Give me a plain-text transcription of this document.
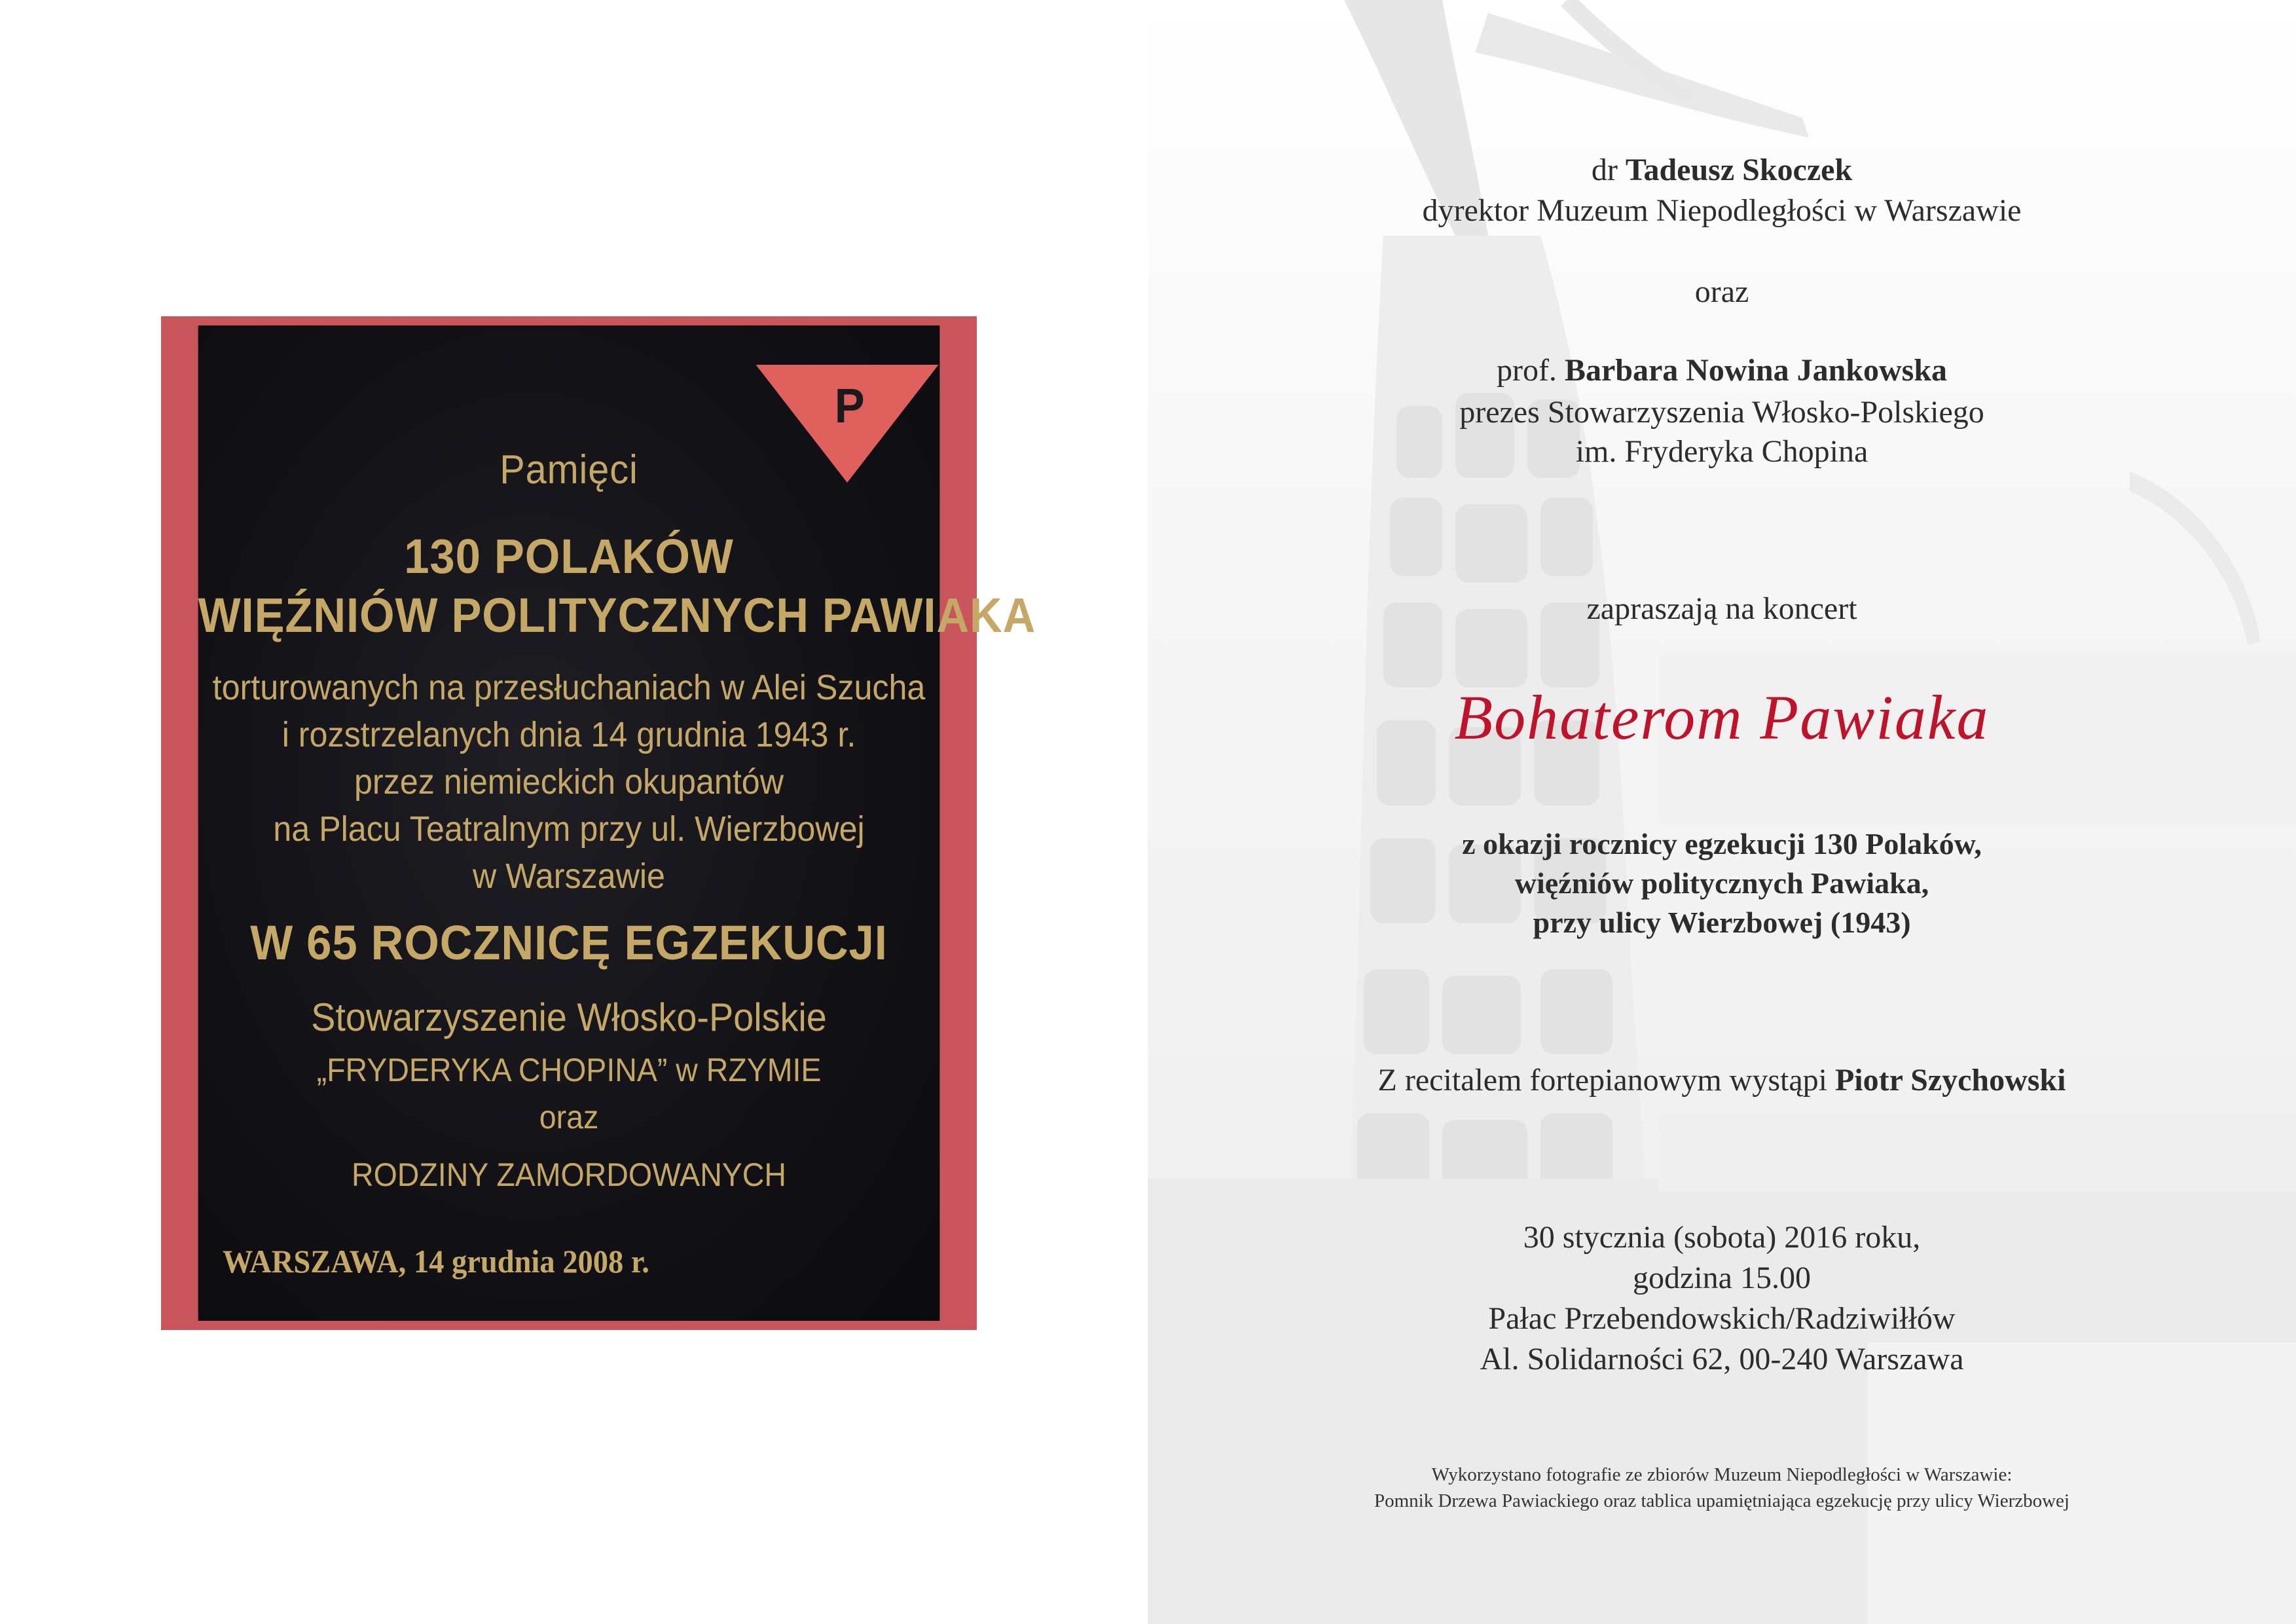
P
Pamięci
130 POLAKÓW
WIĘŹNIÓW POLITYCZNYCH PAWIAKA
torturowanych na przesłuchaniach w Alei Szucha
i rozstrzelanych dnia 14 grudnia 1943 r.
przez niemieckich okupantów
na Placu Teatralnym przy ul. Wierzbowej
w Warszawie
W 65 ROCZNICĘ EGZEKUCJI
Stowarzyszenie Włosko-Polskie
„FRYDERYKA CHOPINA” w RZYMIE
oraz
RODZINY ZAMORDOWANYCH
WARSZAWA, 14 grudnia 2008 r.
dr Tadeusz Skoczek
dyrektor Muzeum Niepodległości w Warszawie
oraz
prof. Barbara Nowina Jankowska
prezes Stowarzyszenia Włosko-Polskiego
im. Fryderyka Chopina
zapraszają na koncert
Bohaterom Pawiaka
z okazji rocznicy egzekucji 130 Polaków,
więźniów politycznych Pawiaka,
przy ulicy Wierzbowej (1943)
Z recitalem fortepianowym wystąpi Piotr Szychowski
30 stycznia (sobota) 2016 roku,
godzina 15.00
Pałac Przebendowskich/Radziwiłłów
Al. Solidarności 62, 00-240 Warszawa
Wykorzystano fotografie ze zbiorów Muzeum Niepodległości w Warszawie:
Pomnik Drzewa Pawiackiego oraz tablica upamiętniająca egzekucję przy ulicy Wierzbowej
